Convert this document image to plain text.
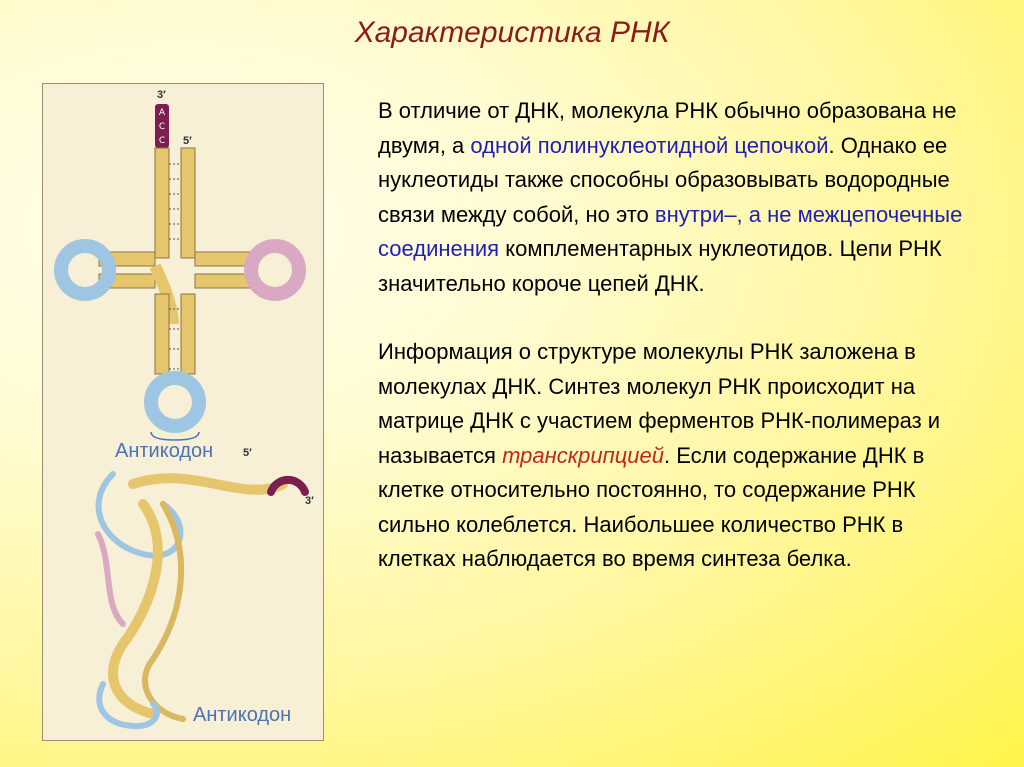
Характеристика РНК
A
C
C
3′
5′
5′
3′
Антикодон
Антикодон

В отличие от ДНК, молекула РНК обычно образована не двумя, а одной полинуклеотидной цепочкой. Однако ее нуклеотиды также способны образовывать водородные связи между собой, но это внутри–, а не межцепочечные соединения комплементарных нуклеотидов. Цепи РНК значительно короче цепей ДНК.

Информация о структуре молекулы РНК заложена в молекулах ДНК. Синтез молекул РНК происходит на матрице ДНК с участием ферментов РНК-полимераз и называется транскрипцией. Если содержание ДНК в клетке относительно постоянно, то содержание РНК сильно колеблется. Наибольшее количество РНК в клетках наблюдается во время синтеза белка.
